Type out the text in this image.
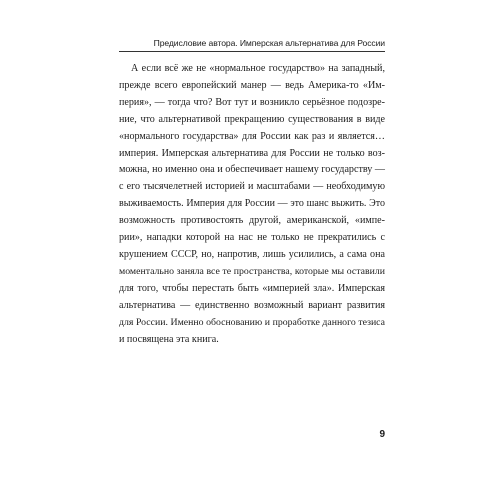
Предисловие автора. Имперская альтернатива для России
А если всё же не «нормальное государство» на западный,
прежде всего европейский манер — ведь Америка-то «Им-
перия», — тогда что? Вот тут и возникло серьёзное подозре-
ние, что альтернативой прекращению существования в виде
«нормального государства» для России как раз и является…
империя. Имперская альтернатива для России не только воз-
можна, но именно она и обеспечивает нашему государству —
с его тысячелетней историей и масштабами — необходимую
выживаемость. Империя для России — это шанс выжить. Это
возможность противостоять другой, американской, «импе-
рии», нападки которой на нас не только не прекратились с
крушением СССР, но, напротив, лишь усилились, а сама она
моментально заняла все те пространства, которые мы оставили
для того, чтобы перестать быть «империей зла». Имперская
альтернатива — единственно возможный вариант развития
для России. Именно обоснованию и проработке данного тезиса
и посвящена эта книга.
9
